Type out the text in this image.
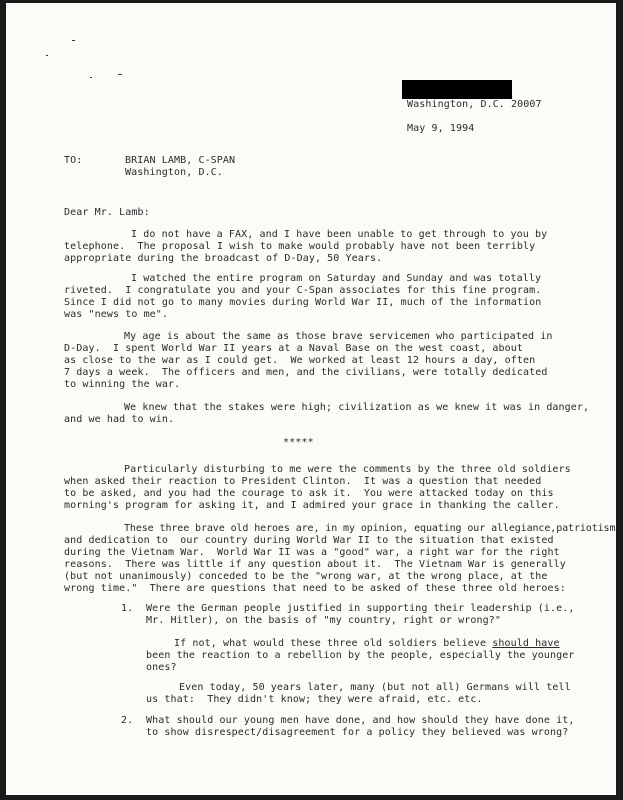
Washington, D.C. 20007

May 9, 1994

TO:	BRIAN LAMB, C-SPAN

Washington, D.C.

Dear Mr. Lamb:

I do not have a FAX, and I have been unable to get through to you by

telephone.  The proposal I wish to make would probably have not been terribly

appropriate during the broadcast of D-Day, 50 Years.

I watched the entire program on Saturday and Sunday and was totally

riveted.  I congratulate you and your C-Span associates for this fine program.

Since I did not go to many movies during World War II, much of the information

was "news to me".

My age is about the same as those brave servicemen who participated in

D-Day.  I spent World War II years at a Naval Base on the west coast, about

as close to the war as I could get.  We worked at least 12 hours a day, often

7 days a week.  The officers and men, and the civilians, were totally dedicated

to winning the war.

We knew that the stakes were high; civilization as we knew it was in danger,

and we had to win.

*****

Particularly disturbing to me were the comments by the three old soldiers

when asked their reaction to President Clinton.  It was a question that needed

to be asked, and you had the courage to ask it.  You were attacked today on this

morning's program for asking it, and I admired your grace in thanking the caller.

These three brave old heroes are, in my opinion, equating our allegiance,patriotism

and dedication to  our country during World War II to the situation that existed

during the Vietnam War.  World War II was a "good" war, a right war for the right

reasons.  There was little if any question about it.  The Vietnam War is generally

(but not unanimously) conceded to be the "wrong war, at the wrong place, at the

wrong time."  There are questions that need to be asked of these three old heroes:

1. Were the German people justified in supporting their leadership (i.e.,

Mr. Hitler), on the basis of "my country, right or wrong?"

If not, what would these three old soldiers believe should have

been the reaction to a rebellion by the people, especially the younger

ones?

Even today, 50 years later, many (but not all) Germans will tell

us that:  They didn't know; they were afraid, etc. etc.

2. What should our young men have done, and how should they have done it,

to show disrespect/disagreement for a policy they believed was wrong?
